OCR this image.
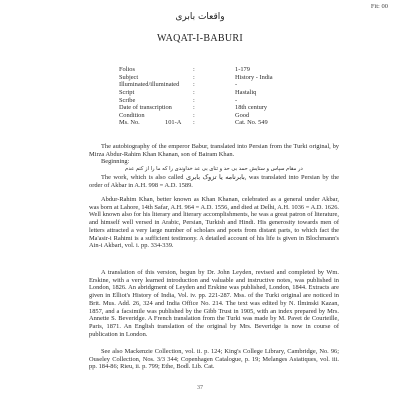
Fit: 00
واقعات بابری
WAQAT-I-BABURI
Folios	:	1-179
Subject	:	History - India
Illuminated/illuminated :	-
Script	:	Hastaliq
Scribe	:	-
Date of transcription	:	18th century
Condition	:	Good
Ms. No.	101-A :	Cat. No. 549

The autobiography of the emperor Babur, translated into Persian from the Turki original, by Mirza Abdur-Rahim Khan Khanan, son of Bairam Khan.

Beginning:

در مقام سپاس و ستایش حمد بی حد و ثنای بی عد خداوندی را که ما را از کتم عدم

The work, which is also called بابرنامه یا تزوک بابری, was translated into Persian by the order of Akbar in A.H. 998 = A.D. 1589.

Abdur-Rahim Khan, better known as Khan Khanan, celebrated as a general under Akbar, was born at Lahore, 14th Safar, A.H. 964 = A.D. 1556, and died at Delhi, A.H. 1036 = A.D. 1626. Well known also for his literary and literary accomplishments, he was a great patron of literature, and himself well versed in Arabic, Persian, Turkish and Hindi. His generosity towards men of letters attracted a very large number of scholars and poets from distant parts, to which fact the Ma'asir-i Rahimi is a sufficient testimony. A detailed account of his life is given in Blochmann's Ain-i Akbari, vol. i. pp. 334-339.

A translation of this version, begun by Dr. John Leyden, revised and completed by Wm. Erskine, with a very learned introduction and valuable and instructive notes, was published in London, 1826. An abridgment of Leyden and Erskine was published, London, 1844. Extracts are given in Elliot's History of India, Vol. iv. pp. 221-287. Mss. of the Turki original are noticed in Brit. Mus. Add. 26, 324 and India Office No. 214. The text was edited by N. Ilminski Kazan, 1857, and a facsimile was published by the Gibb Trust in 1905, with an index prepared by Mrs. Annette S. Beveridge. A French translation from the Turki was made by M. Pavet de Courteille, Paris, 1871. An English translation of the original by Mrs. Beveridge is now in course of publication in London.

See also Mackenzie Collection, vol. ii. p. 124; King's College Library, Cambridge, No. 96; Ouseley Collection, Nos. 3/3 344; Copenhagen Catalogue, p. 19; Melanges Asiatiques, vol. iii. pp. 184-86; Rieu, ii. p. 799; Ethe, Bodl. Lib. Cat.

37
